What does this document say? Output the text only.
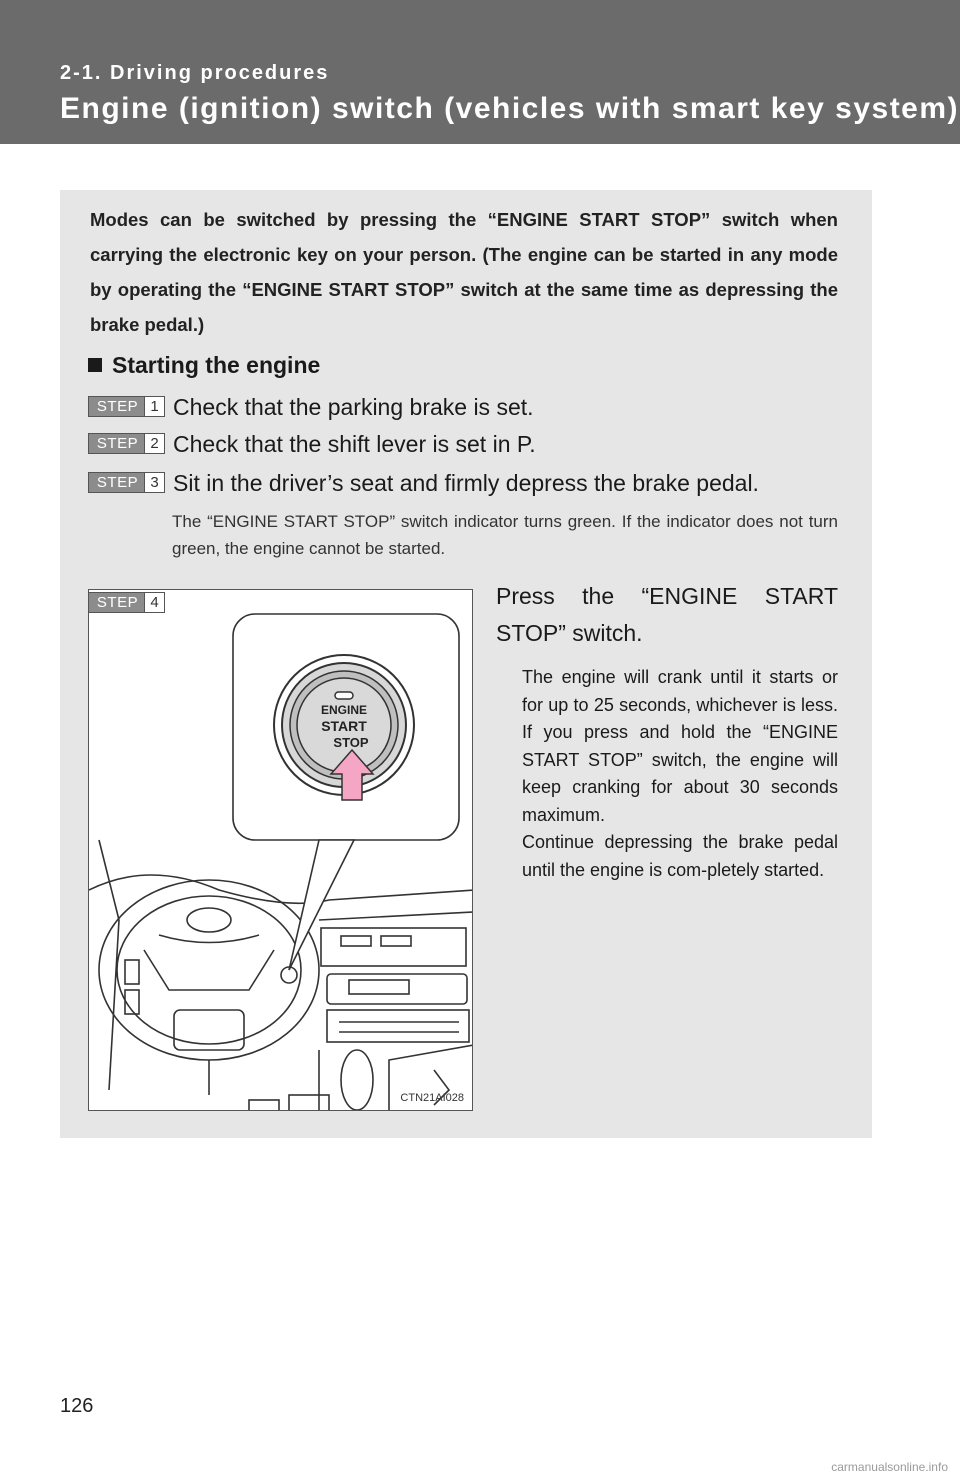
2-1. Driving procedures
Engine (ignition) switch (vehicles with smart key system)
Modes can be switched by pressing the “ENGINE START STOP” switch when carrying the electronic key on your person. (The engine can be started in any mode by operating the “ENGINE START STOP” switch at the same time as depressing the brake pedal.)
Starting the engine
STEP 1 Check that the parking brake is set.
STEP 2 Check that the shift lever is set in P.
STEP 3 Sit in the driver’s seat and firmly depress the brake pedal.
The “ENGINE START STOP” switch indicator turns green. If the indicator does not turn green, the engine cannot be started.
ENGINE
START
STOP
STEP 4
CTN21AI028
Press the “ENGINE START
STOP” switch.

The engine will crank until it starts or for up to 25 seconds, whichever is less. If you press and hold the “ENGINE START STOP” switch, the engine will keep cranking for about 30 seconds maximum.

Continue depressing the brake pedal until the engine is com-pletely started.

126
carmanualsonline.info
